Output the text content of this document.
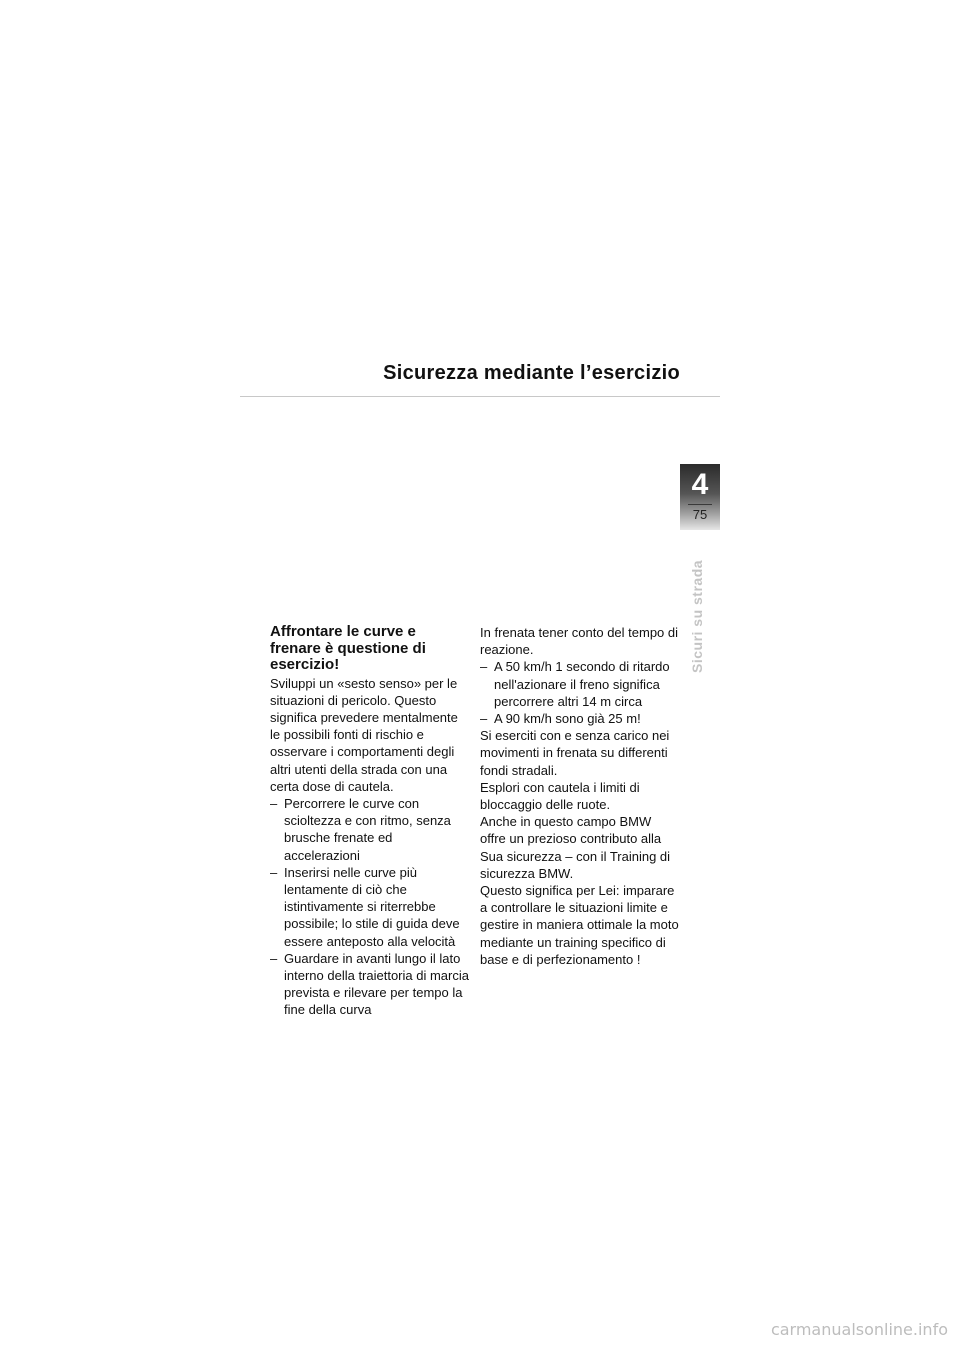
Sicurezza mediante l’esercizio
4
75
Sicuri su strada

Affrontare le curve e frenare è questione di esercizio!

Sviluppi un «sesto senso» per le situazioni di pericolo. Questo significa prevedere mentalmente le possibili fonti di rischio e osservare i comportamenti degli altri utenti della strada con una certa dose di cautela.

– Percorrere le curve con scioltezza e con ritmo, senza brusche frenate ed accelerazioni
– Inserirsi nelle curve più lentamente di ciò che istintivamente si riterrebbe possibile; lo stile di guida deve essere anteposto alla velocità
– Guardare in avanti lungo il lato interno della traiettoria di marcia prevista e rilevare per tempo la fine della curva

In frenata tener conto del tempo di reazione.

– A 50 km/h 1 secondo di ritardo nell'azionare il freno significa percorrere altri 14 m circa
– A 90 km/h sono già 25 m!

Si eserciti con e senza carico nei movimenti in frenata su differenti fondi stradali.

Esplori con cautela i limiti di bloccaggio delle ruote.

Anche in questo campo BMW offre un prezioso contributo alla Sua sicurezza – con il Training di sicurezza BMW.

Questo significa per Lei: imparare a controllare le situazioni limite e gestire in maniera ottimale la moto mediante un training specifico di base e di perfezionamento !

carmanualsonline.info
